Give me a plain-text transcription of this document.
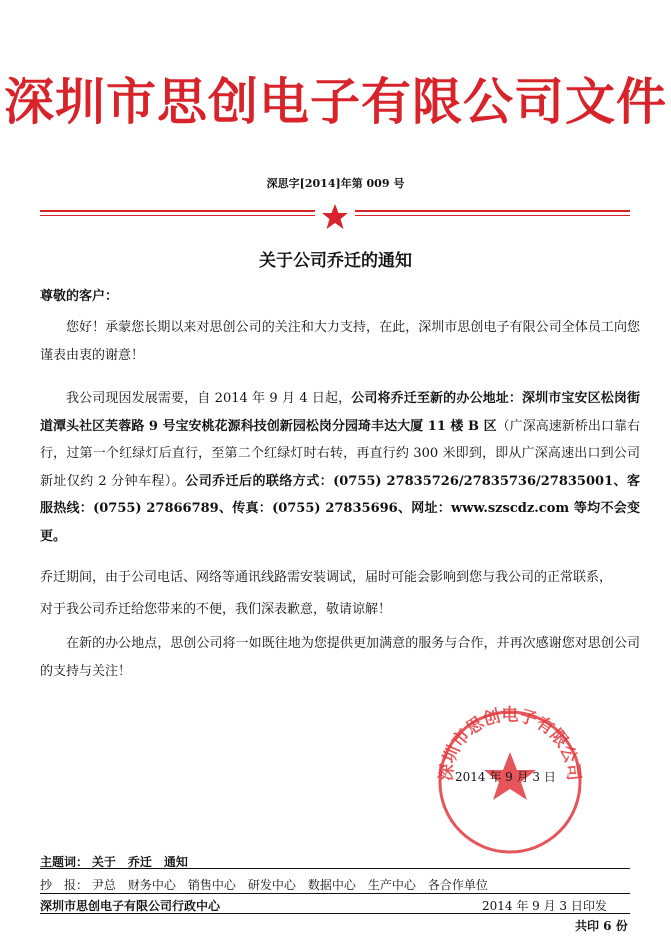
深圳市思创电子有限公司文件
深思字[2014]年第 009 号
关于公司乔迁的通知
尊敬的客户：
您好！承蒙您长期以来对思创公司的关注和大力支持，在此，深圳市思创电子有限公司全体员工向您谨表由衷的谢意！
我公司现因发展需要，自 2014 年 9 月 4 日起，公司将乔迁至新的办公地址：深圳市宝安区松岗街道潭头社区芙蓉路 9 号宝安桃花源科技创新园松岗分园琦丰达大厦 11 楼 B 区（广深高速新桥出口靠右行，过第一个红绿灯后直行，至第二个红绿灯时右转，再直行约 300 米即到，即从广深高速出口到公司新址仅约 2 分钟车程）。公司乔迁后的联络方式：(0755) 27835726/27835736/27835001、客服热线：(0755) 27866789、传真：(0755) 27835696、网址：www.szscdz.com 等均不会变更。
乔迁期间，由于公司电话、网络等通讯线路需安装调试，届时可能会影响到您与我公司的正常联系，
对于我公司乔迁给您带来的不便，我们深表歉意，敬请谅解！
在新的办公地点，思创公司将一如既往地为您提供更加满意的服务与合作，并再次感谢您对思创公司的支持与关注！
深圳市思创电子有限公司
2014 年 9 月 3 日
主题词： 关于　乔迁　通知
抄　报： 尹总　财务中心　销售中心　研发中心　数据中心　生产中心　各合作单位
深圳市思创电子有限公司行政中心	2014 年 9 月 3 日印发
共印 6 份
